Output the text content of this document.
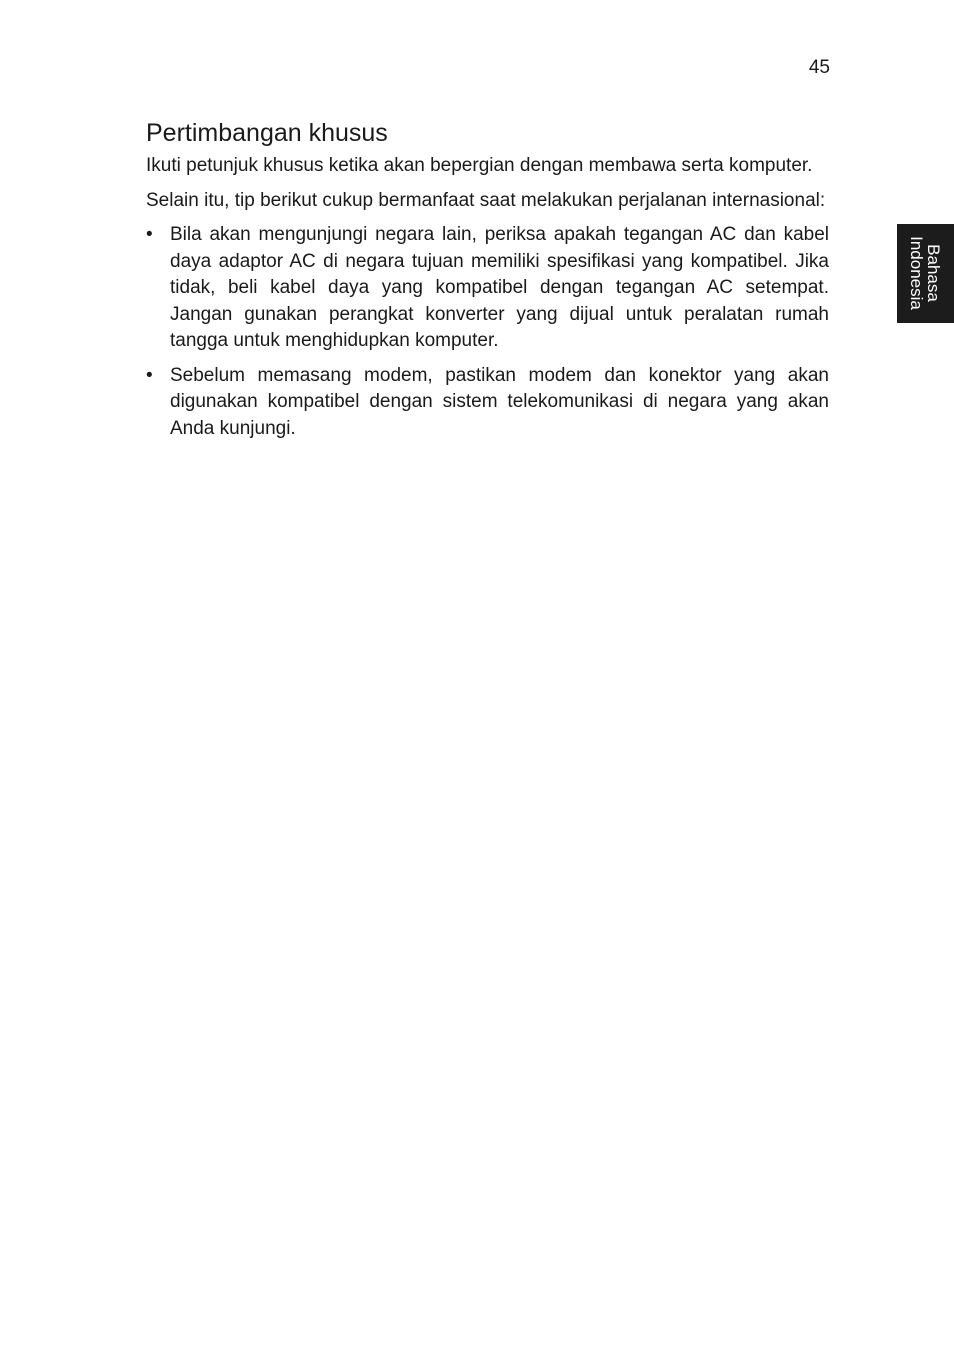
45
Bahasa
Indonesia
Pertimbangan khusus

Ikuti petunjuk khusus ketika akan bepergian dengan membawa serta komputer.

Selain itu, tip berikut cukup bermanfaat saat melakukan perjalanan internasional:

• Bila akan mengunjungi negara lain, periksa apakah tegangan AC dan kabel daya adaptor AC di negara tujuan memiliki spesifikasi yang kompatibel. Jika tidak, beli kabel daya yang kompatibel dengan tegangan AC setempat. Jangan gunakan perangkat konverter yang dijual untuk peralatan rumah tangga untuk menghidupkan komputer.
• Sebelum memasang modem, pastikan modem dan konektor yang akan digunakan kompatibel dengan sistem telekomunikasi di negara yang akan Anda kunjungi.
